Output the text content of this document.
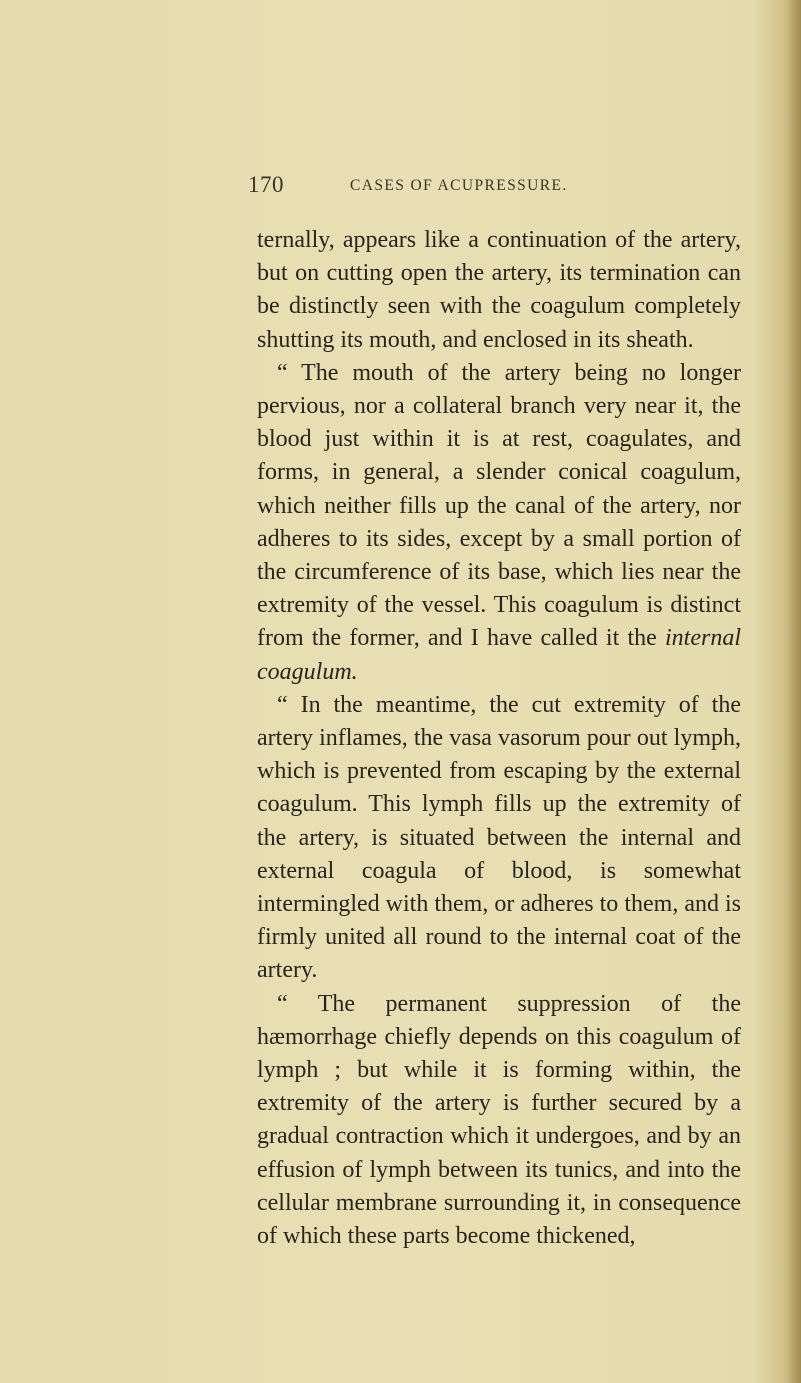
170	CASES OF ACUPRESSURE.

ternally, appears like a continuation of the artery, but on cutting open the artery, its termination can be distinctly seen with the coagulum completely shutting its mouth, and enclosed in its sheath.

“ The mouth of the artery being no longer pervious, nor a collateral branch very near it, the blood just within it is at rest, coagulates, and forms, in general, a slender conical coagulum, which neither fills up the canal of the artery, nor adheres to its sides, except by a small portion of the circumference of its base, which lies near the extremity of the vessel. This coagulum is distinct from the former, and I have called it the internal coagulum.

“ In the meantime, the cut extremity of the artery inflames, the vasa vasorum pour out lymph, which is prevented from escaping by the external coagulum. This lymph fills up the extremity of the artery, is situated between the internal and external coagula of blood, is somewhat intermingled with them, or adheres to them, and is firmly united all round to the internal coat of the artery.

“ The permanent suppression of the hæmorrhage chiefly depends on this coagulum of lymph ; but while it is forming within, the extremity of the artery is further secured by a gradual contraction which it undergoes, and by an effusion of lymph between its tunics, and into the cellular membrane surrounding it, in consequence of which these parts become thickened,
